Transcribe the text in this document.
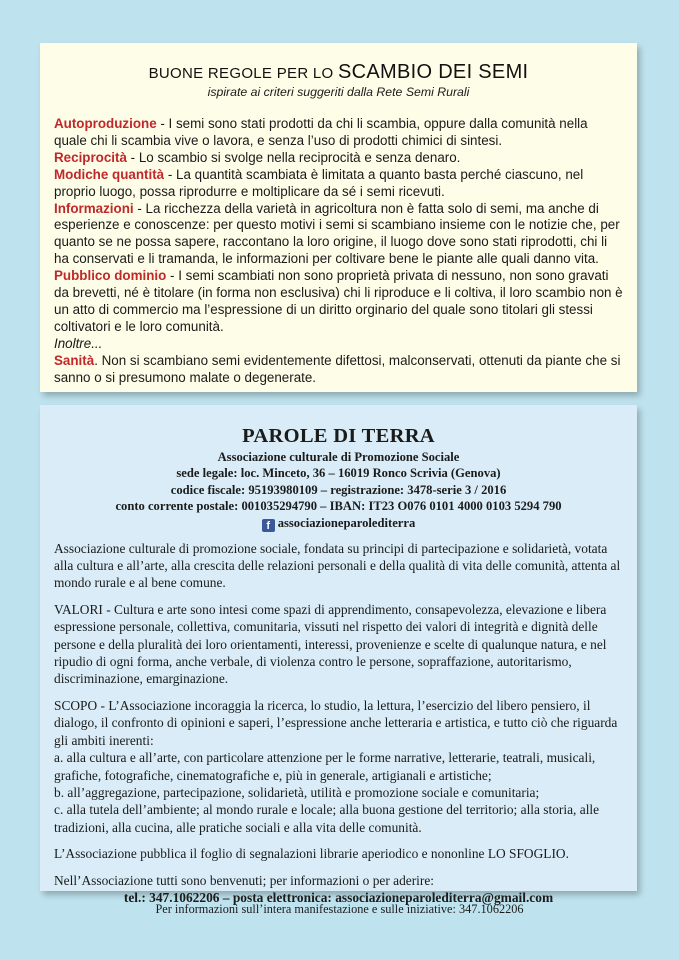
BUONE REGOLE PER LO SCAMBIO DEI SEMI

ispirate ai criteri suggeriti dalla Rete Semi Rurali

Autoproduzione - I semi sono stati prodotti da chi li scambia, oppure dalla comunità nella quale chi li scambia vive o lavora, e senza l’uso di prodotti chimici di sintesi.

Reciprocità - Lo scambio si svolge nella reciprocità e senza denaro.

Modiche quantità - La quantità scambiata è limitata a quanto basta perché ciascuno, nel proprio luogo, possa riprodurre e moltiplicare da sé i semi ricevuti.

Informazioni - La ricchezza della varietà in agricoltura non è fatta solo di semi, ma anche di esperienze e conoscenze: per questo motivi i semi si scambiano insieme con le notizie che, per quanto se ne possa sapere, raccontano la loro origine, il luogo dove sono stati riprodotti, chi li ha conservati e li tramanda, le informazioni per coltivare bene le piante alle quali danno vita.

Pubblico dominio - I semi scambiati non sono proprietà privata di nessuno, non sono gravati da brevetti, né è titolare (in forma non esclusiva) chi li riproduce e li coltiva, il loro scambio non è un atto di commercio ma l’espressione di un diritto orginario del quale sono titolari gli stessi coltivatori e le loro comunità.

Inoltre...

Sanità. Non si scambiano semi evidentemente difettosi, malconservati, ottenuti da piante che si sanno o si presumono malate o degenerate.

PAROLE DI TERRA

Associazione culturale di Promozione Sociale
sede legale: loc. Minceto, 36 – 16019 Ronco Scrivia (Genova)
codice fiscale: 95193980109 – registrazione: 3478-serie 3 / 2016
conto corrente postale: 001035294790 – IBAN: IT23 O076 0101 4000 0103 5294 790
f associazioneparolediterra

Associazione culturale di promozione sociale, fondata su principi di partecipazione e solidarietà, votata alla cultura e all’arte, alla crescita delle relazioni personali e della qualità di vita delle comunità, attenta al mondo rurale e al bene comune.

VALORI - Cultura e arte sono intesi come spazi di apprendimento, consapevolezza, elevazione e libera espressione personale, collettiva, comunitaria, vissuti nel rispetto dei valori di integrità e dignità delle persone e della pluralità dei loro orientamenti, interessi, provenienze e scelte di qualunque natura, e nel ripudio di ogni forma, anche verbale, di violenza contro le persone, sopraffazione, autoritarismo, discriminazione, emarginazione.

SCOPO - L’Associazione incoraggia la ricerca, lo studio, la lettura, l’esercizio del libero pensiero, il dialogo, il confronto di opinioni e saperi, l’espressione anche letteraria e artistica, e tutto ciò che riguarda gli ambiti inerenti:

a. alla cultura e all’arte, con particolare attenzione per le forme narrative, letterarie, teatrali, musicali, grafiche, fotografiche, cinematografiche e, più in generale, artigianali e artistiche;

b. all’aggregazione, partecipazione, solidarietà, utilità e promozione sociale e comunitaria;

c. alla tutela dell’ambiente; al mondo rurale e locale; alla buona gestione del territorio; alla storia, alle tradizioni, alla cucina, alle pratiche sociali e alla vita delle comunità.

L’Associazione pubblica il foglio di segnalazioni librarie aperiodico e nononline LO SFOGLIO.

Nell’Associazione tutti sono benvenuti; per informazioni o per aderire:

tel.: 347.1062206 – posta elettronica: associazioneparolediterra@gmail.com

Per informazioni sull’intera manifestazione e sulle iniziative: 347.1062206
